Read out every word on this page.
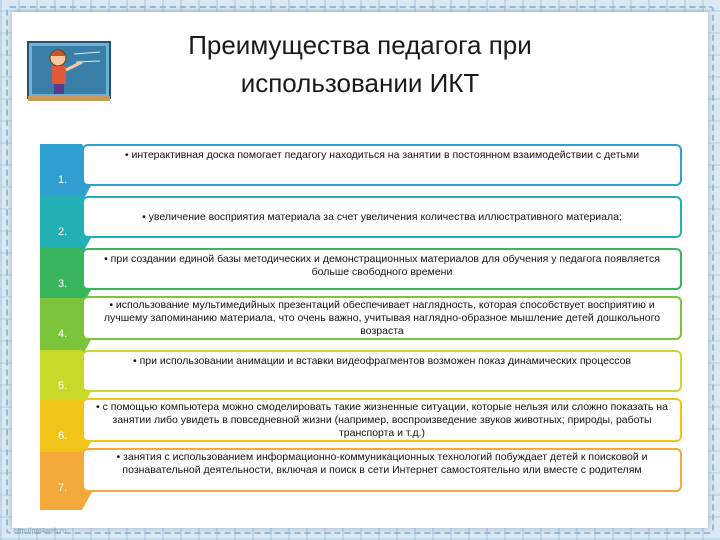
Преимущества педагога при
использовании ИКТ
1.
• интерактивная доска помогает педагогу находиться на занятии в постоянном взаимодействии с детьми
2.
• увеличение восприятия материала за счет увеличения количества иллюстративного материала;
3.
• при создании единой базы методических и демонстрационных материалов для обучения у педагога появляется больше свободного времени
4.
• использование мультимедийных презентаций обеспечивает наглядность, которая способствует восприятию и лучшему запоминанию материала, что очень важно, учитывая наглядно-образное мышление детей дошкольного возраста
5.
• при использовании анимации и вставки видеофрагментов возможен показ динамических процессов
6.
• с помощью компьютера можно смоделировать такие жизненные ситуации, которые нельзя или сложно показать на занятии либо увидеть в повседневной жизни (например, воспроизведение звуков животных; природы, работы транспорта и т.д.)
7.
• занятия с использованием информационно-коммуникационных технологий побуждает детей к поисковой и познавательной деятельности, включая и поиск в сети Интернет самостоятельно или вместе с родителям
http://ppt4web.ru
